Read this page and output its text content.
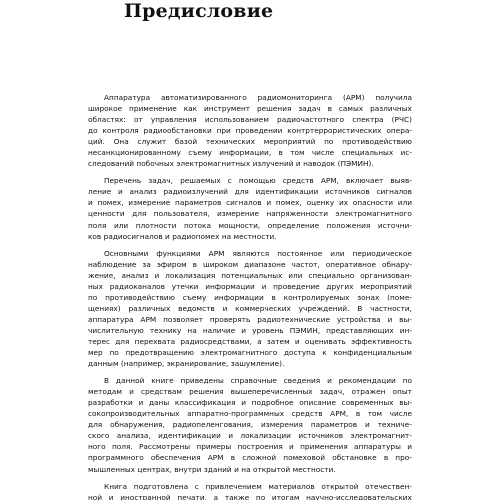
Предисловие
Аппаратура автоматизированного радиомониторинга (АРМ) получила
широкое применение как инструмент решения задач в самых различных
областях: от управления использованием радиочастотного спектра (РЧС)
до контроля радиообстановки при проведении контртеррористических опера-
ций. Она служит базой технических мероприятий по противодействию
несанкционированному съему информации, в том числе специальных ис-
следований побочных электромагнитных излучений и наводок (ПЭМИН).
Перечень задач, решаемых с помощью средств АРМ, включает выяв-
ление и анализ радиоизлучений для идентификации источников сигналов
и помех, измерение параметров сигналов и помех, оценку их опасности или
ценности для пользователя, измерение напряженности электромагнитного
поля или плотности потока мощности, определение положения источни-
ков радиосигналов и радиопомех на местности.
Основными функциями АРМ являются постоянное или периодическое
наблюдение за эфиром в широком диапазоне частот, оперативное обнару-
жение, анализ и локализация потенциальных или специально организован-
ных радиоканалов утечки информации и проведение других мероприятий
по противодействию съему информации в контролируемых зонах (поме-
щениях) различных ведомств и коммерческих учреждений. В частности,
аппаратура АРМ позволяет проверять радиотехнические устройства и вы-
числительную технику на наличие и уровень ПЭМИН, представляющих ин-
терес для перехвата радиосредствами, а затем и оценивать эффективность
мер по предотвращению электромагнитного доступа к конфиденциальным
данным (например, экранирование, зашумление).
В данной книге приведены справочные сведения и рекомендации по
методам и средствам решения вышеперечисленных задач, отражен опыт
разработки и даны классификация и подробное описание современных вы-
сокопроизводительных аппаратно-программных средств АРМ, в том числе
для обнаружения, радиопеленгования, измерения параметров и техниче-
ского анализа, идентификации и локализации источников электромагнит-
ного поля. Рассмотрены примеры построения и применения аппаратуры и
программного обеспечения АРМ в сложной помеховой обстановке в про-
мышленных центрах, внутри зданий и на открытой местности.
Книга подготовлена с привлечением материалов открытой отечествен-
ной и иностранной печати, а также по итогам научно-исследовательских
